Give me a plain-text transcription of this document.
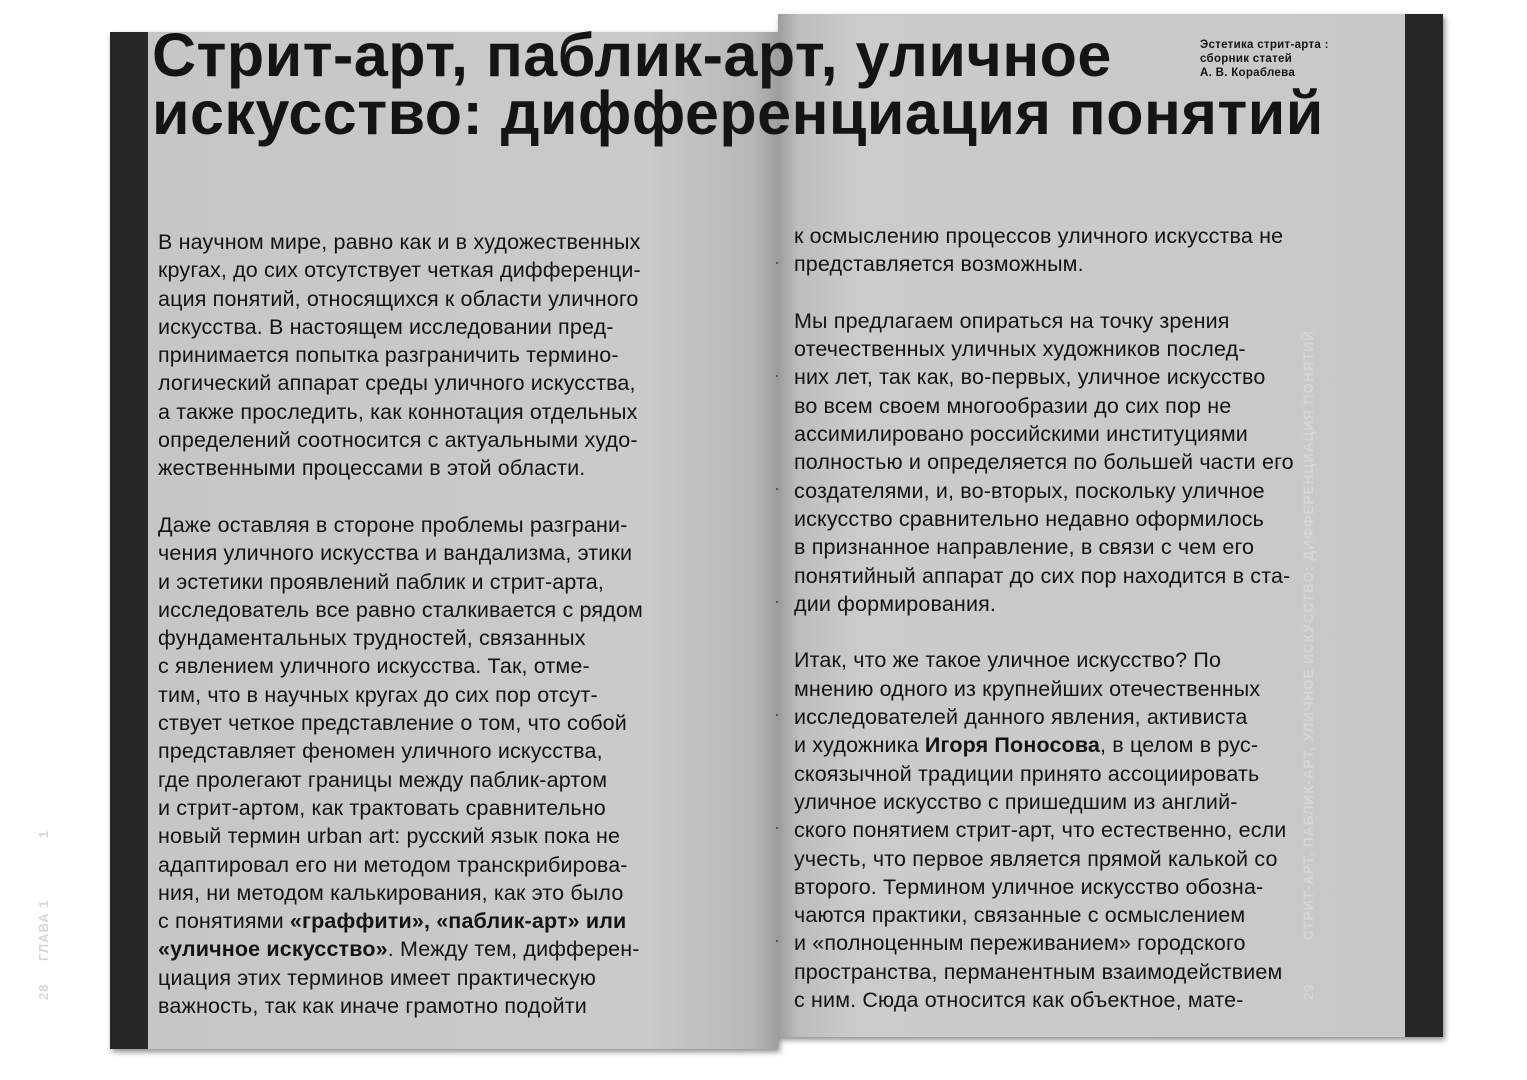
28
ГЛАВА 1
1
29
СТРИТ-АРТ, ПАБЛИК-АРТ, УЛИЧНОЕ ИСКУССТВО: ДИФФЕРЕНЦИАЦИЯ ПОНЯТИЙ
Стрит-арт, паблик-арт, уличное
искусство: дифференциация понятий
Эстетика стрит-арта :
сборник статей
А. В. Кораблева

В научном мире, равно как и в художественных
кругах, до сих отсутствует четкая дифференци-
ация понятий, относящихся к области уличного
искусства. В настоящем исследовании пред-
принимается попытка разграничить термино-
логический аппарат среды уличного искусства,
а также проследить, как коннотация отдельных
определений соотносится с актуальными худо-
жественными процессами в этой области.

Даже оставляя в стороне проблемы разграни-
чения уличного искусства и вандализма, этики
и эстетики проявлений паблик и стрит-арта,
исследователь все равно сталкивается с рядом
фундаментальных трудностей, связанных
с явлением уличного искусства. Так, отме-
тим, что в научных кругах до сих пор отсут-
ствует четкое представление о том, что собой
представляет феномен уличного искусства,
где пролегают границы между паблик-артом
и стрит-артом, как трактовать сравнительно
новый термин urban art: русский язык пока не
адаптировал его ни методом транскрибирова-
ния, ни методом калькирования, как это было
с понятиями «граффити», «паблик-арт» или
«уличное искусство». Между тем, дифферен-
циация этих терминов имеет практическую
важность, так как иначе грамотно подойти

к осмыслению процессов уличного искусства не
представляется возможным.

Мы предлагаем опираться на точку зрения
отечественных уличных художников послед-
них лет, так как, во-первых, уличное искусство
во всем своем многообразии до сих пор не
ассимилировано российскими институциями
полностью и определяется по большей части его
создателями, и, во-вторых, поскольку уличное
искусство сравнительно недавно оформилось
в признанное направление, в связи с чем его
понятийный аппарат до сих пор находится в ста-
дии формирования.

Итак, что же такое уличное искусство? По
мнению одного из крупнейших отечественных
исследователей данного явления, активиста
и художника Игоря Поносова, в целом в рус-
скоязычной традиции принято ассоциировать
уличное искусство с пришедшим из англий-
ского понятием стрит-арт, что естественно, если
учесть, что первое является прямой калькой со
второго. Термином уличное искусство обозна-
чаются практики, связанные с осмыслением
и «полноценным переживанием» городского
пространства, перманентным взаимодействием
с ним. Сюда относится как объектное, мате-
